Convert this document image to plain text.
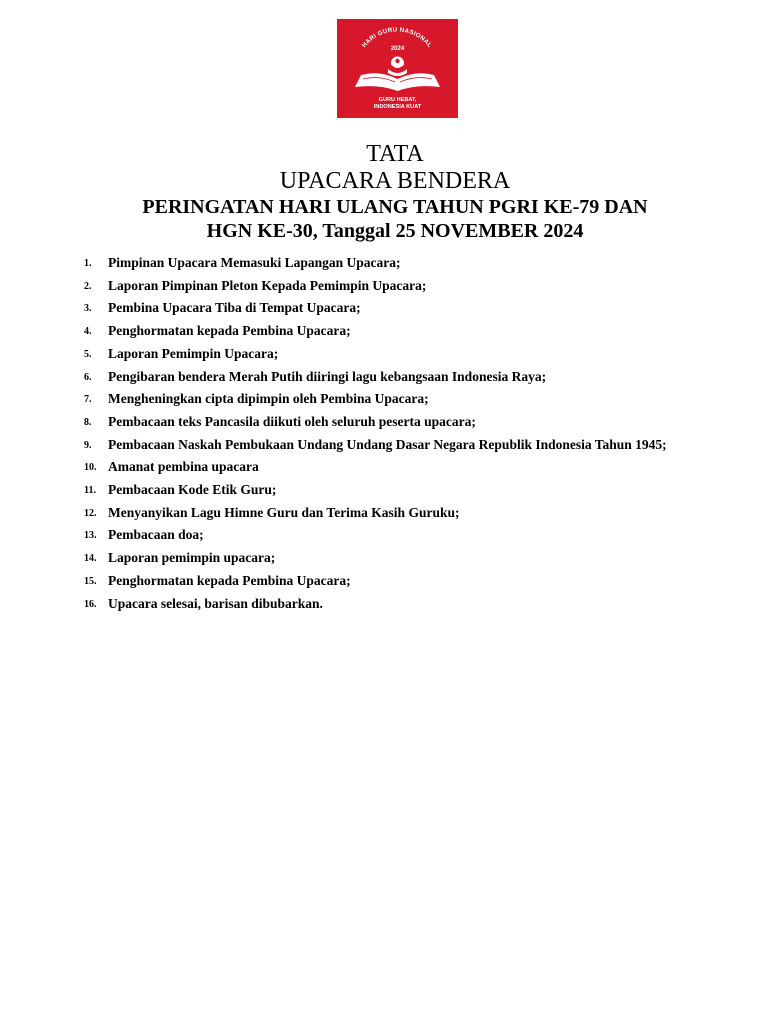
HARI GURU NASIONAL
2024
GURU HEBAT,
INDONESIA KUAT

TATA

UPACARA BENDERA

PERINGATAN HARI ULANG TAHUN PGRI KE-79 DAN

HGN KE-30, Tanggal 25 NOVEMBER 2024

1. Pimpinan Upacara Memasuki Lapangan Upacara;
2. Laporan Pimpinan Pleton Kepada Pemimpin Upacara;
3. Pembina Upacara Tiba di Tempat Upacara;
4. Penghormatan kepada Pembina Upacara;
5. Laporan Pemimpin Upacara;
6. Pengibaran bendera Merah Putih diiringi lagu kebangsaan Indonesia Raya;
7. Mengheningkan cipta dipimpin oleh Pembina Upacara;
8. Pembacaan teks Pancasila diikuti oleh seluruh peserta upacara;
9. Pembacaan Naskah Pembukaan Undang Undang Dasar Negara Republik Indonesia Tahun 1945;
10. Amanat pembina upacara
11. Pembacaan Kode Etik Guru;
12. Menyanyikan Lagu Himne Guru dan Terima Kasih Guruku;
13. Pembacaan doa;
14. Laporan pemimpin upacara;
15. Penghormatan kepada Pembina Upacara;
16. Upacara selesai, barisan dibubarkan.
